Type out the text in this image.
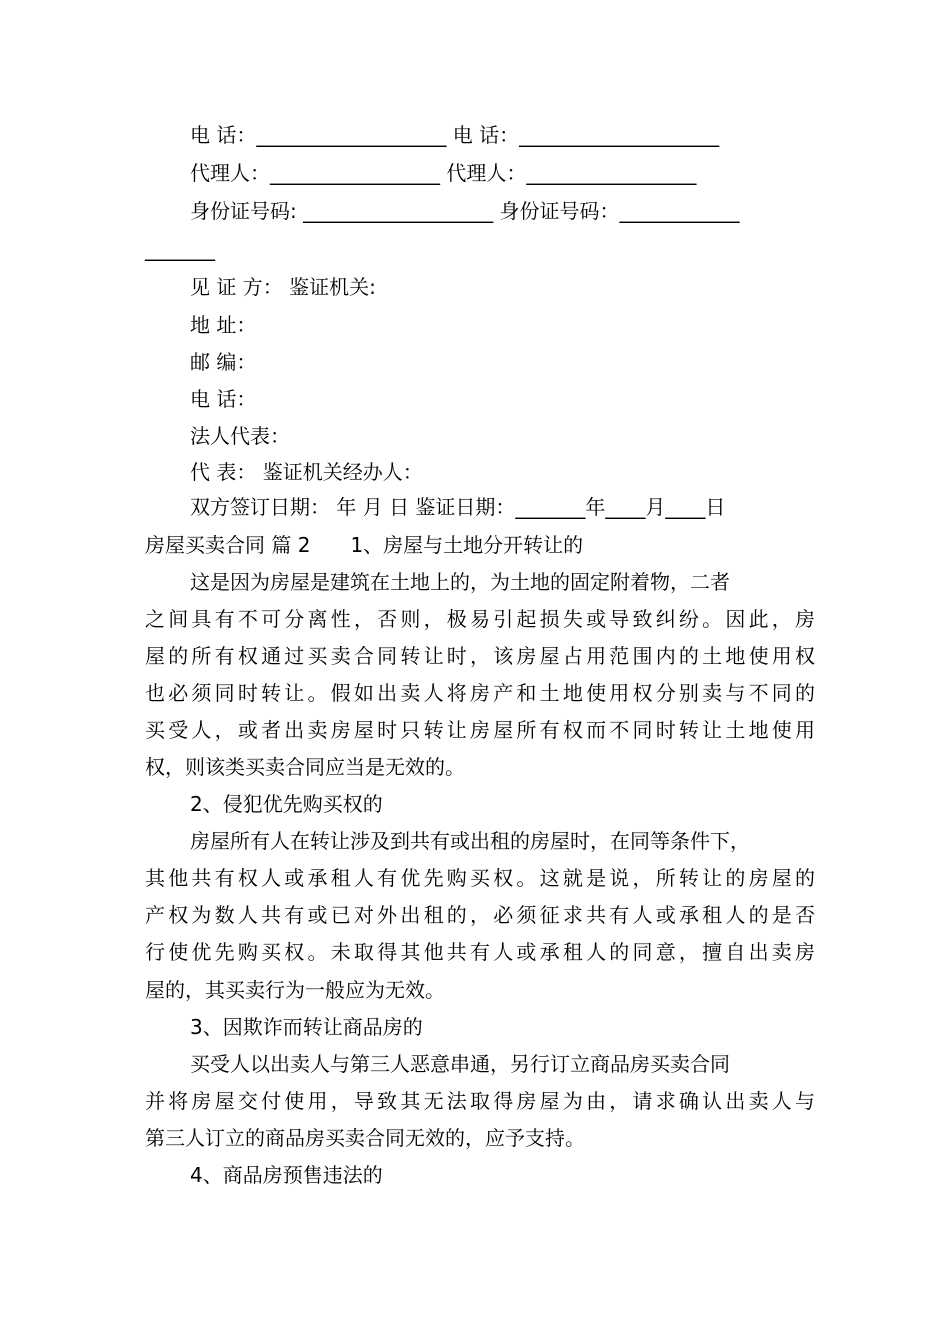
电 话：___________________ 电 话：____________________
代理人：_________________ 代理人：_________________
身份证号码: ___________________ 身份证号码：____________
_______
见 证 方： 鉴证机关:
地 址：
邮 编：
电 话：
法人代表：
代 表： 鉴证机关经办人：
双方签订日期： 年 月 日 鉴证日期：_______年____月____日
房屋买卖合同 篇 2　　1、房屋与土地分开转让的
这是因为房屋是建筑在土地上的，为土地的固定附着物，二者
之间具有不可分离性，否则，极易引起损失或导致纠纷。因此，房
屋的所有权通过买卖合同转让时，该房屋占用范围内的土地使用权
也必须同时转让。假如出卖人将房产和土地使用权分别卖与不同的
买受人，或者出卖房屋时只转让房屋所有权而不同时转让土地使用
权，则该类买卖合同应当是无效的。
2、侵犯优先购买权的
房屋所有人在转让涉及到共有或出租的房屋时，在同等条件下，
其他共有权人或承租人有优先购买权。这就是说，所转让的房屋的
产权为数人共有或已对外出租的，必须征求共有人或承租人的是否
行使优先购买权。未取得其他共有人或承租人的同意，擅自出卖房
屋的，其买卖行为一般应为无效。
3、因欺诈而转让商品房的
买受人以出卖人与第三人恶意串通，另行订立商品房买卖合同
并将房屋交付使用，导致其无法取得房屋为由，请求确认出卖人与
第三人订立的商品房买卖合同无效的，应予支持。
4、商品房预售违法的
